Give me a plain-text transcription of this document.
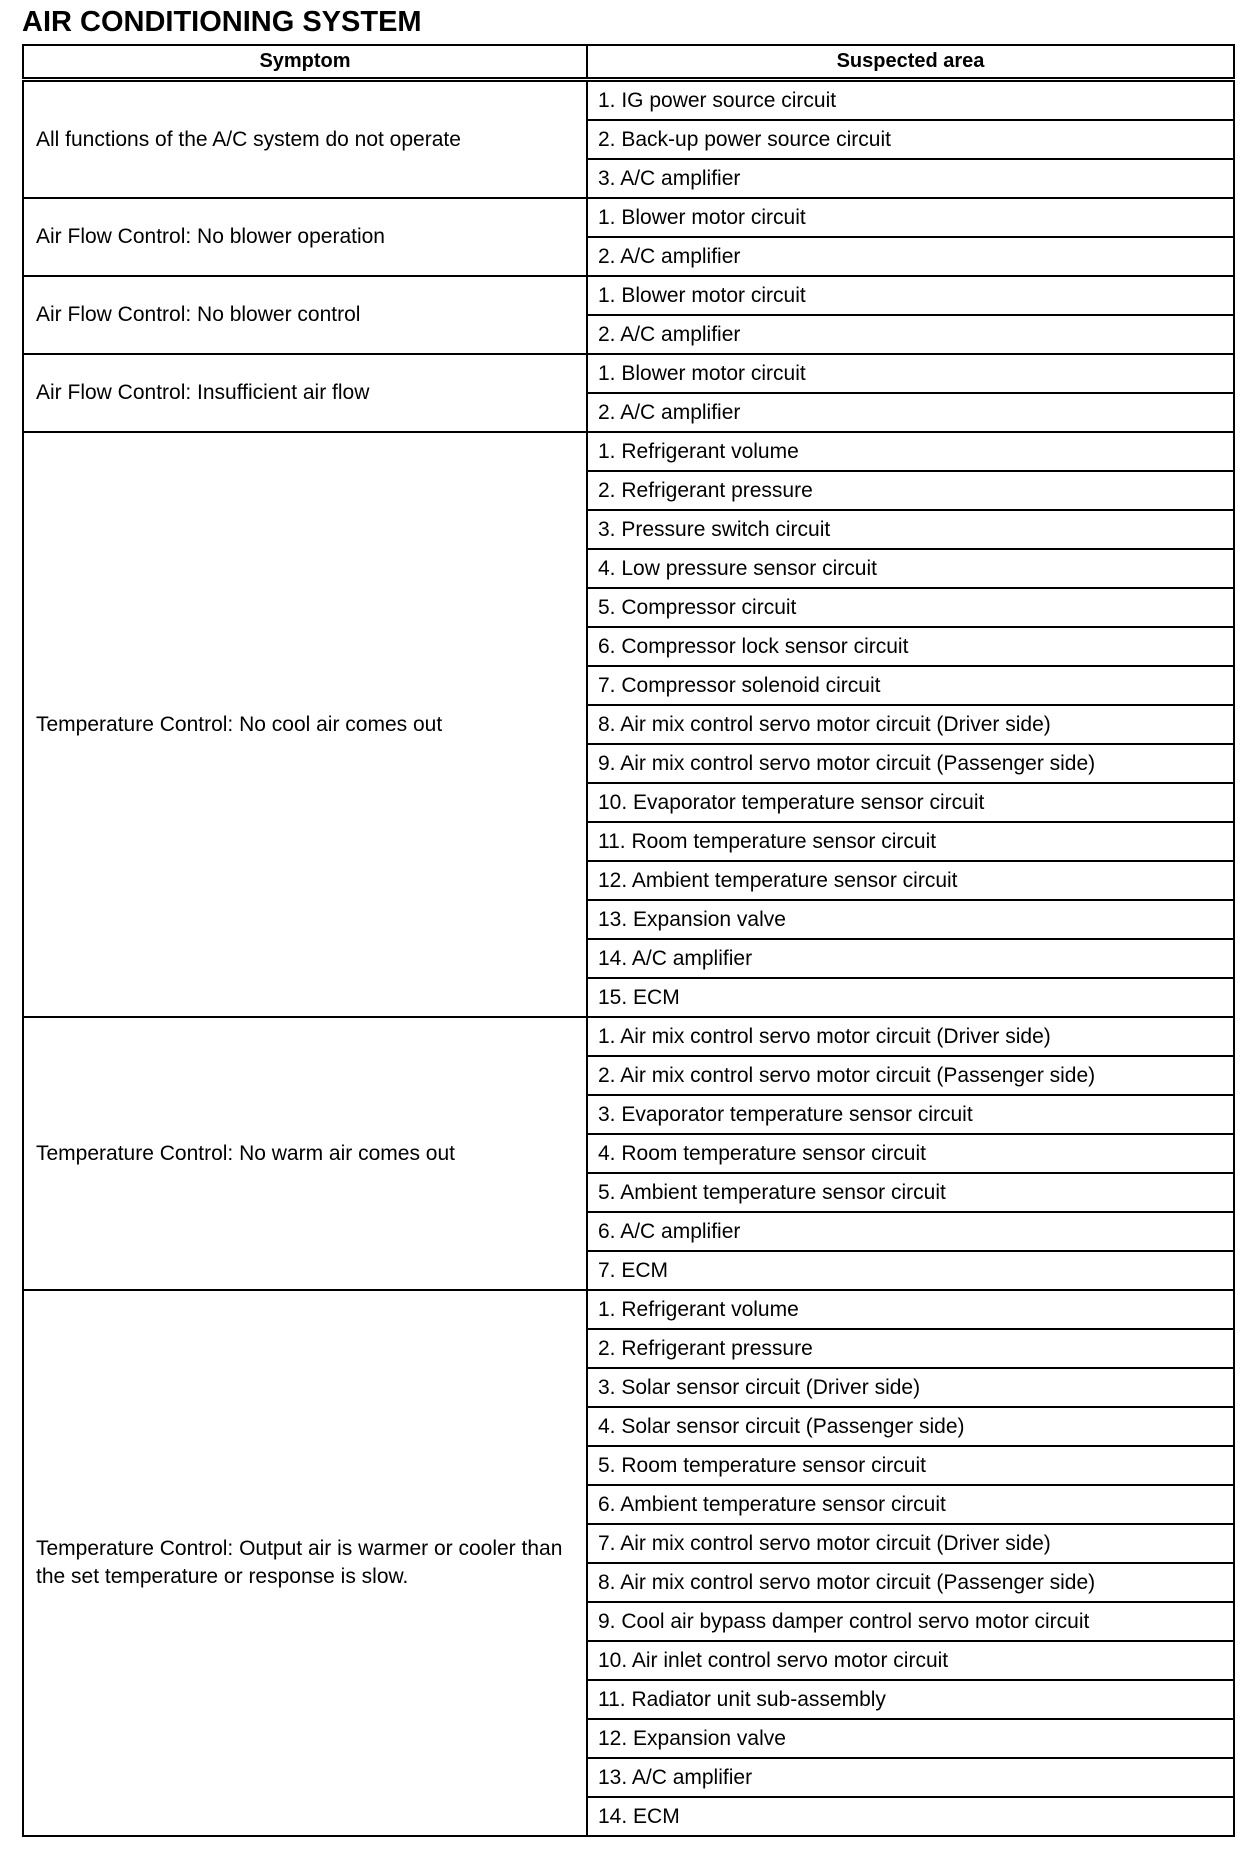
AIR CONDITIONING SYSTEM
Symptom	Suspected area
All functions of the A/C system do not operate	1. IG power source circuit
	2. Back-up power source circuit
	3. A/C amplifier
Air Flow Control: No blower operation	1. Blower motor circuit
	2. A/C amplifier
Air Flow Control: No blower control	1. Blower motor circuit
	2. A/C amplifier
Air Flow Control: Insufficient air flow	1. Blower motor circuit
	2. A/C amplifier
Temperature Control: No cool air comes out	1. Refrigerant volume
	2. Refrigerant pressure
	3. Pressure switch circuit
	4. Low pressure sensor circuit
	5. Compressor circuit
	6. Compressor lock sensor circuit
	7. Compressor solenoid circuit
	8. Air mix control servo motor circuit (Driver side)
	9. Air mix control servo motor circuit (Passenger side)
	10. Evaporator temperature sensor circuit
	11. Room temperature sensor circuit
	12. Ambient temperature sensor circuit
	13. Expansion valve
	14. A/C amplifier
	15. ECM
Temperature Control: No warm air comes out	1. Air mix control servo motor circuit (Driver side)
	2. Air mix control servo motor circuit (Passenger side)
	3. Evaporator temperature sensor circuit
	4. Room temperature sensor circuit
	5. Ambient temperature sensor circuit
	6. A/C amplifier
	7. ECM
Temperature Control: Output air is warmer or cooler than the set temperature or response is slow.	1. Refrigerant volume
	2. Refrigerant pressure
	3. Solar sensor circuit (Driver side)
	4. Solar sensor circuit (Passenger side)
	5. Room temperature sensor circuit
	6. Ambient temperature sensor circuit
	7. Air mix control servo motor circuit (Driver side)
	8. Air mix control servo motor circuit (Passenger side)
	9. Cool air bypass damper control servo motor circuit
	10. Air inlet control servo motor circuit
	11. Radiator unit sub-assembly
	12. Expansion valve
	13. A/C amplifier
	14. ECM
